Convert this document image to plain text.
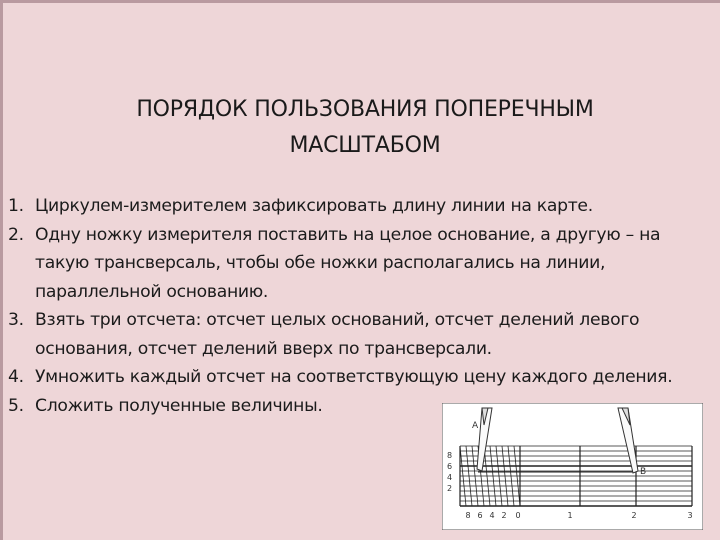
ПОРЯДОК ПОЛЬЗОВАНИЯ ПОПЕРЕЧНЫМ
МАСШТАБОМ
1. Циркулем-измерителем зафиксировать длину линии на карте.
2. Одну ножку измерителя поставить на целое основание, а другую – на такую трансверсаль, чтобы обе ножки располагались на линии, параллельной основанию.
3. Взять три отсчета: отсчет целых оснований, отсчет делений левого основания, отсчет делений вверх по трансверсали.
4. Умножить каждый отсчет на соответствующую цену каждого деления.
5. Сложить полученные величины.
A
B
8
6
4
2
8 6 4 2 0	1	2	3
